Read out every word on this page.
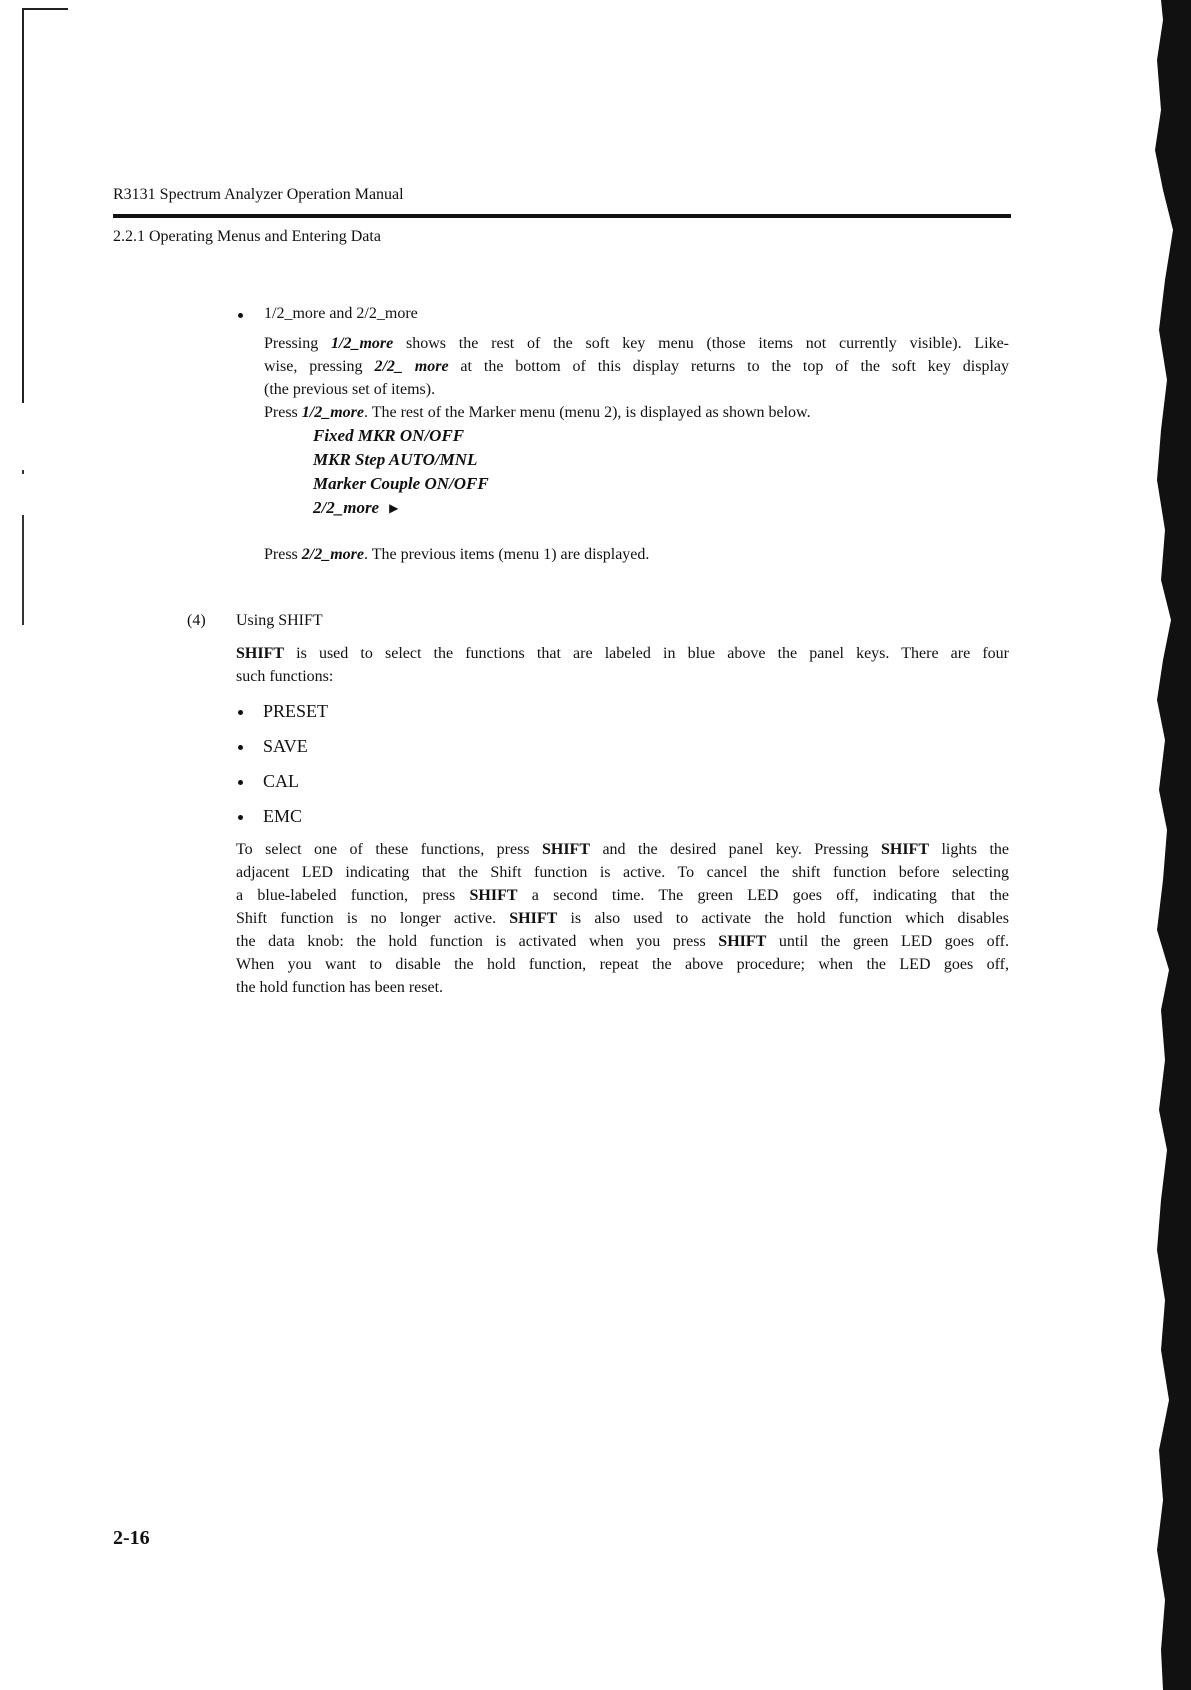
R3131 Spectrum Analyzer Operation Manual
2.2.1 Operating Menus and Entering Data
1/2_more and 2/2_more
Pressing 1/2_more shows the rest of the soft key menu (those items not currently visible). Like-
wise, pressing 2/2_ more at the bottom of this display returns to the top of the soft key display
(the previous set of items).
Press 1/2_more. The rest of the Marker menu (menu 2), is displayed as shown below.
Fixed MKR ON/OFF
MKR Step AUTO/MNL
Marker Couple ON/OFF
2/2_more ▶
Press 2/2_more. The previous items (menu 1) are displayed.
(4) Using SHIFT
SHIFT is used to select the functions that are labeled in blue above the panel keys. There are four
such functions:
PRESET
SAVE
CAL
EMC
To select one of these functions, press SHIFT and the desired panel key. Pressing SHIFT lights the
adjacent LED indicating that the Shift function is active. To cancel the shift function before selecting
a blue-labeled function, press SHIFT a second time. The green LED goes off, indicating that the
Shift function is no longer active. SHIFT is also used to activate the hold function which disables
the data knob: the hold function is activated when you press SHIFT until the green LED goes off.
When you want to disable the hold function, repeat the above procedure; when the LED goes off,
the hold function has been reset.
2-16
